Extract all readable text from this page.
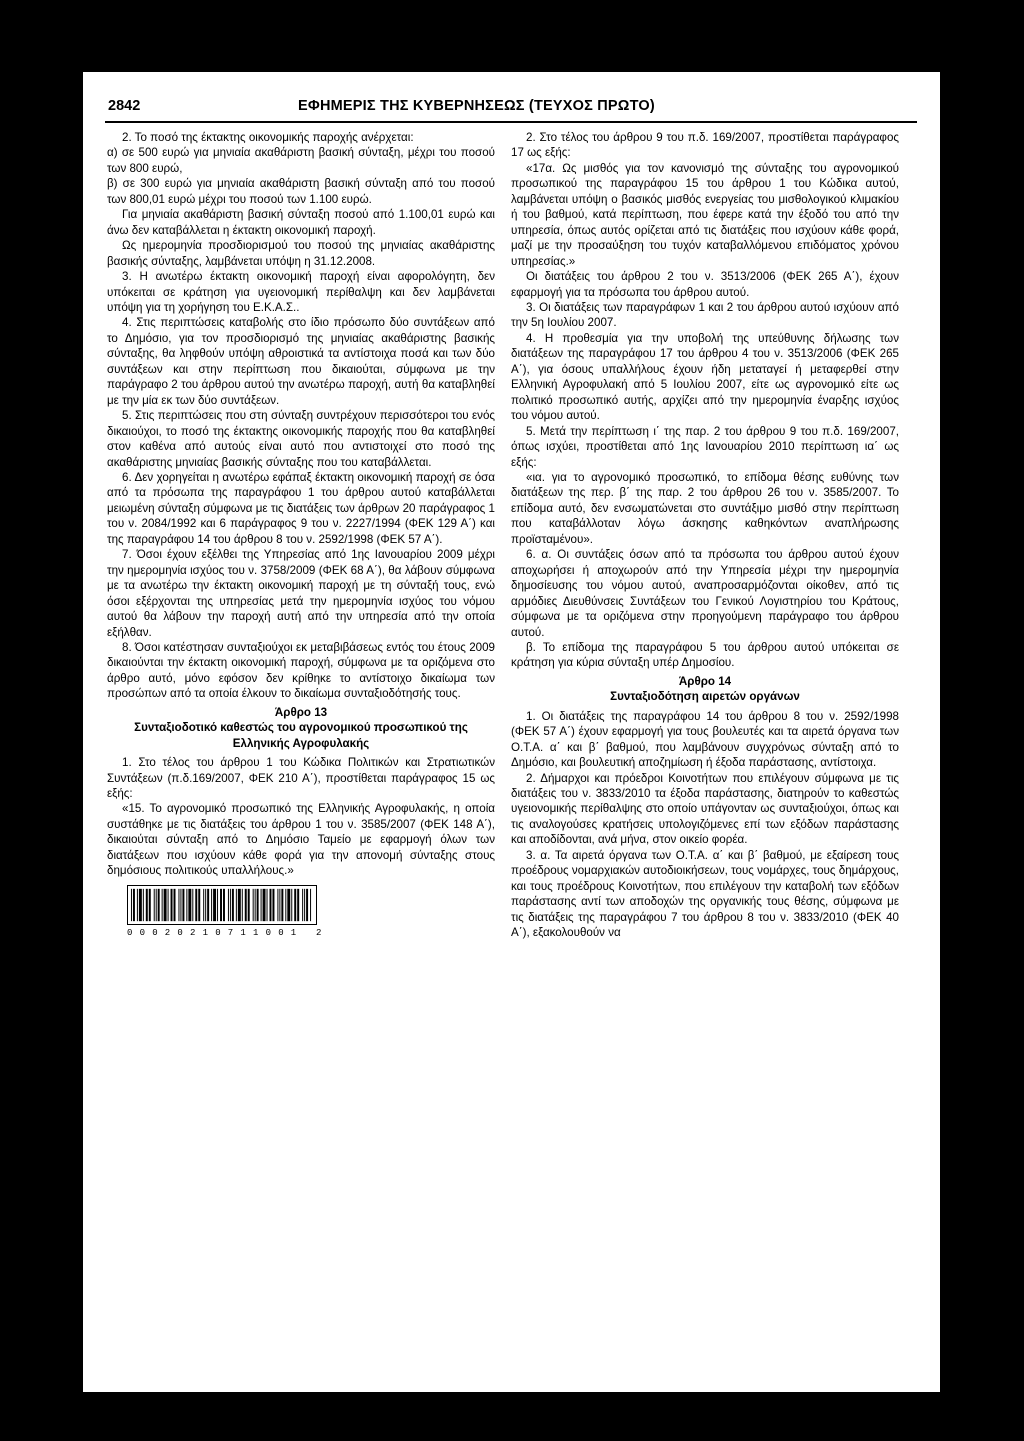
2842	ΕΦΗΜΕΡΙΣ ΤΗΣ ΚΥΒΕΡΝΗΣΕΩΣ (ΤΕΥΧΟΣ ΠΡΩΤΟ)

2. Το ποσό της έκτακτης οικονομικής παροχής ανέρχεται:

α) σε 500 ευρώ για μηνιαία ακαθάριστη βασική σύνταξη, μέχρι του ποσού των 800 ευρώ,

β) σε 300 ευρώ για μηνιαία ακαθάριστη βασική σύνταξη από του ποσού των 800,01 ευρώ μέχρι του ποσού των 1.100 ευρώ.

Για μηνιαία ακαθάριστη βασική σύνταξη ποσού από 1.100,01 ευρώ και άνω δεν καταβάλλεται η έκτακτη οικονομική παροχή.

Ως ημερομηνία προσδιορισμού του ποσού της μηνιαίας ακαθάριστης βασικής σύνταξης, λαμβάνεται υπόψη η 31.12.2008.

3. Η ανωτέρω έκτακτη οικονομική παροχή είναι αφορολόγητη, δεν υπόκειται σε κράτηση για υγειονομική περίθαλψη και δεν λαμβάνεται υπόψη για τη χορήγηση του Ε.Κ.Α.Σ..

4. Στις περιπτώσεις καταβολής στο ίδιο πρόσωπο δύο συντάξεων από το Δημόσιο, για τον προσδιορισμό της μηνιαίας ακαθάριστης βασικής σύνταξης, θα ληφθούν υπόψη αθροιστικά τα αντίστοιχα ποσά και των δύο συντάξεων και στην περίπτωση που δικαιούται, σύμφωνα με την παράγραφο 2 του άρθρου αυτού την ανωτέρω παροχή, αυτή θα καταβληθεί με την μία εκ των δύο συντάξεων.

5. Στις περιπτώσεις που στη σύνταξη συντρέχουν περισσότεροι του ενός δικαιούχοι, το ποσό της έκτακτης οικονομικής παροχής που θα καταβληθεί στον καθένα από αυτούς είναι αυτό που αντιστοιχεί στο ποσό της ακαθάριστης μηνιαίας βασικής σύνταξης που του καταβάλλεται.

6. Δεν χορηγείται η ανωτέρω εφάπαξ έκτακτη οικονομική παροχή σε όσα από τα πρόσωπα της παραγράφου 1 του άρθρου αυτού καταβάλλεται μειωμένη σύνταξη σύμφωνα με τις διατάξεις των άρθρων 20 παράγραφος 1 του ν. 2084/1992 και 6 παράγραφος 9 του ν. 2227/1994 (ΦΕΚ 129 Α΄) και της παραγράφου 14 του άρθρου 8 του ν. 2592/1998 (ΦΕΚ 57 Α΄).

7. Όσοι έχουν εξέλθει της Υπηρεσίας από 1ης Ιανουαρίου 2009 μέχρι την ημερομηνία ισχύος του ν. 3758/2009 (ΦΕΚ 68 Α΄), θα λάβουν σύμφωνα με τα ανωτέρω την έκτακτη οικονομική παροχή με τη σύνταξή τους, ενώ όσοι εξέρχονται της υπηρεσίας μετά την ημερομηνία ισχύος του νόμου αυτού θα λάβουν την παροχή αυτή από την υπηρεσία από την οποία εξήλθαν.

8. Όσοι κατέστησαν συνταξιούχοι εκ μεταβιβάσεως εντός του έτους 2009 δικαιούνται την έκτακτη οικονομική παροχή, σύμφωνα με τα οριζόμενα στο άρθρο αυτό, μόνο εφόσον δεν κρίθηκε το αντίστοιχο δικαίωμα των προσώπων από τα οποία έλκουν το δικαίωμα συνταξιοδότησής τους.

Άρθρο 13

Συνταξιοδοτικό καθεστώς του αγρονομικού προσωπικού της Ελληνικής Αγροφυλακής

1. Στο τέλος του άρθρου 1 του Κώδικα Πολιτικών και Στρατιωτικών Συντάξεων (π.δ.169/2007, ΦΕΚ 210 Α΄), προστίθεται παράγραφος 15 ως εξής:

«15. Το αγρονομικό προσωπικό της Ελληνικής Αγροφυλακής, η οποία συστάθηκε με τις διατάξεις του άρθρου 1 του ν. 3585/2007 (ΦΕΚ 148 Α΄), δικαιούται σύνταξη από το Δημόσιο Ταμείο με εφαρμογή όλων των διατάξεων που ισχύουν κάθε φορά για την απονομή σύνταξης στους δημόσιους πολιτικούς υπαλλήλους.»

00020210711001 2

2. Στο τέλος του άρθρου 9 του π.δ. 169/2007, προστίθεται παράγραφος 17 ως εξής:

«17α. Ως μισθός για τον κανονισμό της σύνταξης του αγρονομικού προσωπικού της παραγράφου 15 του άρθρου 1 του Κώδικα αυτού, λαμβάνεται υπόψη ο βασικός μισθός ενεργείας του μισθολογικού κλιμακίου ή του βαθμού, κατά περίπτωση, που έφερε κατά την έξοδό του από την υπηρεσία, όπως αυτός ορίζεται από τις διατάξεις που ισχύουν κάθε φορά, μαζί με την προσαύξηση του τυχόν καταβαλλόμενου επιδόματος χρόνου υπηρεσίας.»

Οι διατάξεις του άρθρου 2 του ν. 3513/2006 (ΦΕΚ 265 Α΄), έχουν εφαρμογή για τα πρόσωπα του άρθρου αυτού.

3. Οι διατάξεις των παραγράφων 1 και 2 του άρθρου αυτού ισχύουν από την 5η Ιουλίου 2007.

4. Η προθεσμία για την υποβολή της υπεύθυνης δήλωσης των διατάξεων της παραγράφου 17 του άρθρου 4 του ν. 3513/2006 (ΦΕΚ 265 Α΄), για όσους υπαλλήλους έχουν ήδη μεταταγεί ή μεταφερθεί στην Ελληνική Αγροφυλακή από 5 Ιουλίου 2007, είτε ως αγρονομικό είτε ως πολιτικό προσωπικό αυτής, αρχίζει από την ημερομηνία έναρξης ισχύος του νόμου αυτού.

5. Μετά την περίπτωση ι΄ της παρ. 2 του άρθρου 9 του π.δ. 169/2007, όπως ισχύει, προστίθεται από 1ης Ιανουαρίου 2010 περίπτωση ια΄ ως εξής:

«ια. για το αγρονομικό προσωπικό, το επίδομα θέσης ευθύνης των διατάξεων της περ. β΄ της παρ. 2 του άρθρου 26 του ν. 3585/2007. Το επίδομα αυτό, δεν ενσωματώνεται στο συντάξιμο μισθό στην περίπτωση που καταβάλλοταν λόγω άσκησης καθηκόντων αναπλήρωσης προϊσταμένου».

6. α. Οι συντάξεις όσων από τα πρόσωπα του άρθρου αυτού έχουν αποχωρήσει ή αποχωρούν από την Υπηρεσία μέχρι την ημερομηνία δημοσίευσης του νόμου αυτού, αναπροσαρμόζονται οίκοθεν, από τις αρμόδιες Διευθύνσεις Συντάξεων του Γενικού Λογιστηρίου του Κράτους, σύμφωνα με τα οριζόμενα στην προηγούμενη παράγραφο του άρθρου αυτού.

β. Το επίδομα της παραγράφου 5 του άρθρου αυτού υπόκειται σε κράτηση για κύρια σύνταξη υπέρ Δημοσίου.

Άρθρο 14

Συνταξιοδότηση αιρετών οργάνων

1. Οι διατάξεις της παραγράφου 14 του άρθρου 8 του ν. 2592/1998 (ΦΕΚ 57 Α΄) έχουν εφαρμογή για τους βουλευτές και τα αιρετά όργανα των Ο.Τ.Α. α΄ και β΄ βαθμού, που λαμβάνουν συγχρόνως σύνταξη από το Δημόσιο, και βουλευτική αποζημίωση ή έξοδα παράστασης, αντίστοιχα.

2. Δήμαρχοι και πρόεδροι Κοινοτήτων που επιλέγουν σύμφωνα με τις διατάξεις του ν. 3833/2010 τα έξοδα παράστασης, διατηρούν το καθεστώς υγειονομικής περίθαλψης στο οποίο υπάγονταν ως συνταξιούχοι, όπως και τις αναλογούσες κρατήσεις υπολογιζόμενες επί των εξόδων παράστασης και αποδίδονται, ανά μήνα, στον οικείο φορέα.

3. α. Τα αιρετά όργανα των Ο.Τ.Α. α΄ και β΄ βαθμού, με εξαίρεση τους προέδρους νομαρχιακών αυτοδιοικήσεων, τους νομάρχες, τους δημάρχους, και τους προέδρους Κοινοτήτων, που επιλέγουν την καταβολή των εξόδων παράστασης αντί των αποδοχών της οργανικής τους θέσης, σύμφωνα με τις διατάξεις της παραγράφου 7 του άρθρου 8 του ν. 3833/2010 (ΦΕΚ 40 Α΄), εξακολουθούν να
